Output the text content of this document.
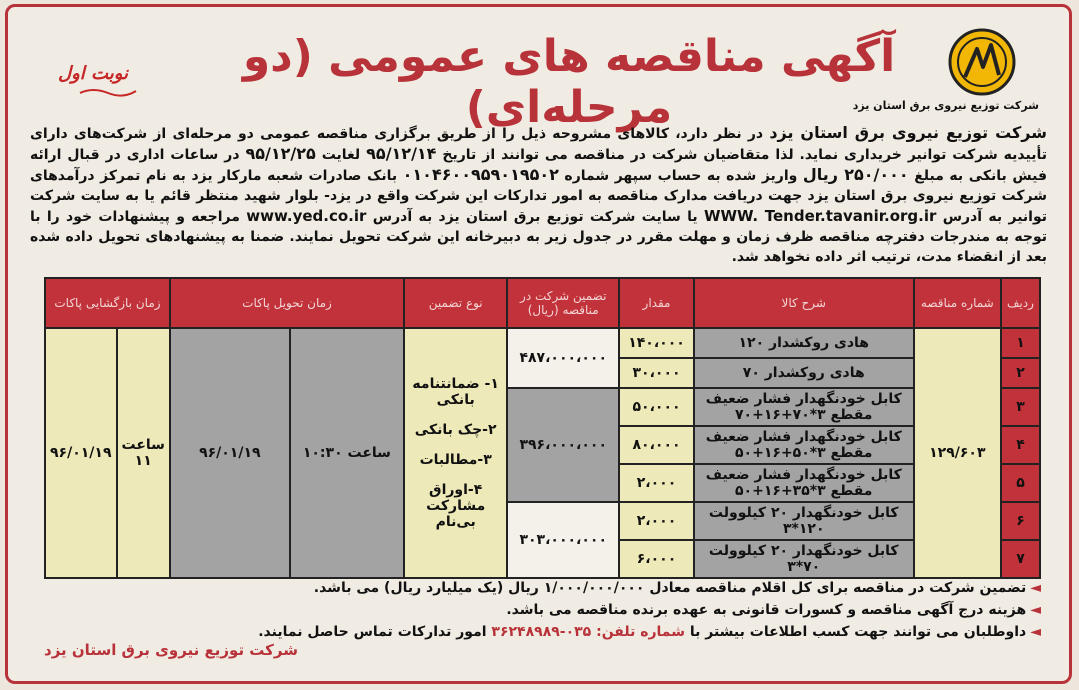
شرکت توزیع نیروی برق استان یزد
آگهی مناقصه های عمومی (دو مرحله‌ای)
نوبت اول
شرکت توزیع نیروی برق استان یزد در نظر دارد، کالاهای مشروحه ذیل را از طریق برگزاری مناقصه عمومی دو مرحله‌ای از شرکت‌های دارای تأییدیه شرکت توانیر خریداری نماید. لذا متقاضیان شرکت در مناقصه می توانند از تاریخ ۹۵/۱۲/۱۴ لغایت ۹۵/۱۲/۲۵ در ساعات اداری در قبال ارائه فیش بانکی به مبلغ ۲۵۰/۰۰۰ ریال واریز شده به حساب سپهر شماره ۰۱۰۴۶۰۰۹۵۹۰۱۹۵۰۲ بانک صادرات شعبه مارکار یزد به نام تمرکز درآمدهای شرکت توزیع نیروی برق استان یزد جهت دریافت مدارک مناقصه به امور تدارکات این شرکت واقع در یزد- بلوار شهید منتظر قائم یا به سایت شرکت توانیر به آدرس WWW. Tender.tavanir.org.ir یا سایت شرکت توزیع برق استان یزد به آدرس www.yed.co.ir مراجعه و پیشنهادات خود را با توجه به مندرجات دفترچه مناقصه ظرف زمان و مهلت مقرر در جدول زیر به دبیرخانه این شرکت تحویل نمایند. ضمنا به پیشنهادهای تحویل داده شده بعد از انقضاء مدت، ترتیب اثر داده نخواهد شد.
ردیف	شماره مناقصه	شرح کالا	مقدار	تضمین شرکت در مناقصه (ریال)	نوع تضمین	زمان تحویل پاکات		زمان بازگشایی پاکات	
۱	۱۲۹/۶۰۳	هادی روکشدار ۱۲۰	۱۴۰،۰۰۰	۴۸۷،۰۰۰،۰۰۰	۱- ضمانتنامه بانکی
۲-چک بانکی
۳-مطالبات
۴-اوراق مشارکت بی‌نام	ساعت ۱۰:۳۰	۹۶/۰۱/۱۹	ساعت ۱۱	۹۶/۰۱/۱۹
۲		هادی روکشدار ۷۰	۳۰،۰۰۰						
۳		کابل خودنگهدار فشار ضعیف مقطع ۳*۷۰+۱۶+۷۰	۵۰،۰۰۰	۳۹۶،۰۰۰،۰۰۰					
۴		کابل خودنگهدار فشار ضعیف مقطع ۳*۵۰+۱۶+۵۰	۸۰،۰۰۰						
۵		کابل خودنگهدار فشار ضعیف مقطع ۳*۳۵+۱۶+۵۰	۲،۰۰۰						
۶		کابل خودنگهدار ۲۰ کیلوولت ۱۲۰*۳	۲،۰۰۰	۳۰۳،۰۰۰،۰۰۰					
۷		کابل خودنگهدار ۲۰ کیلوولت ۷۰*۳	۶،۰۰۰						
◄تضمین شرکت در مناقصه برای کل اقلام مناقصه معادل ۱/۰۰۰/۰۰۰/۰۰۰ ریال (یک میلیارد ریال) می باشد.
◄هزینه درج آگهی مناقصه و کسورات قانونی به عهده برنده مناقصه می باشد.
◄داوطلبان می توانند جهت کسب اطلاعات بیشتر با شماره تلفن: ۰۳۵-۳۶۲۴۸۹۸۹ امور تدارکات تماس حاصل نمایند.
شرکت توزیع نیروی برق استان یزد
